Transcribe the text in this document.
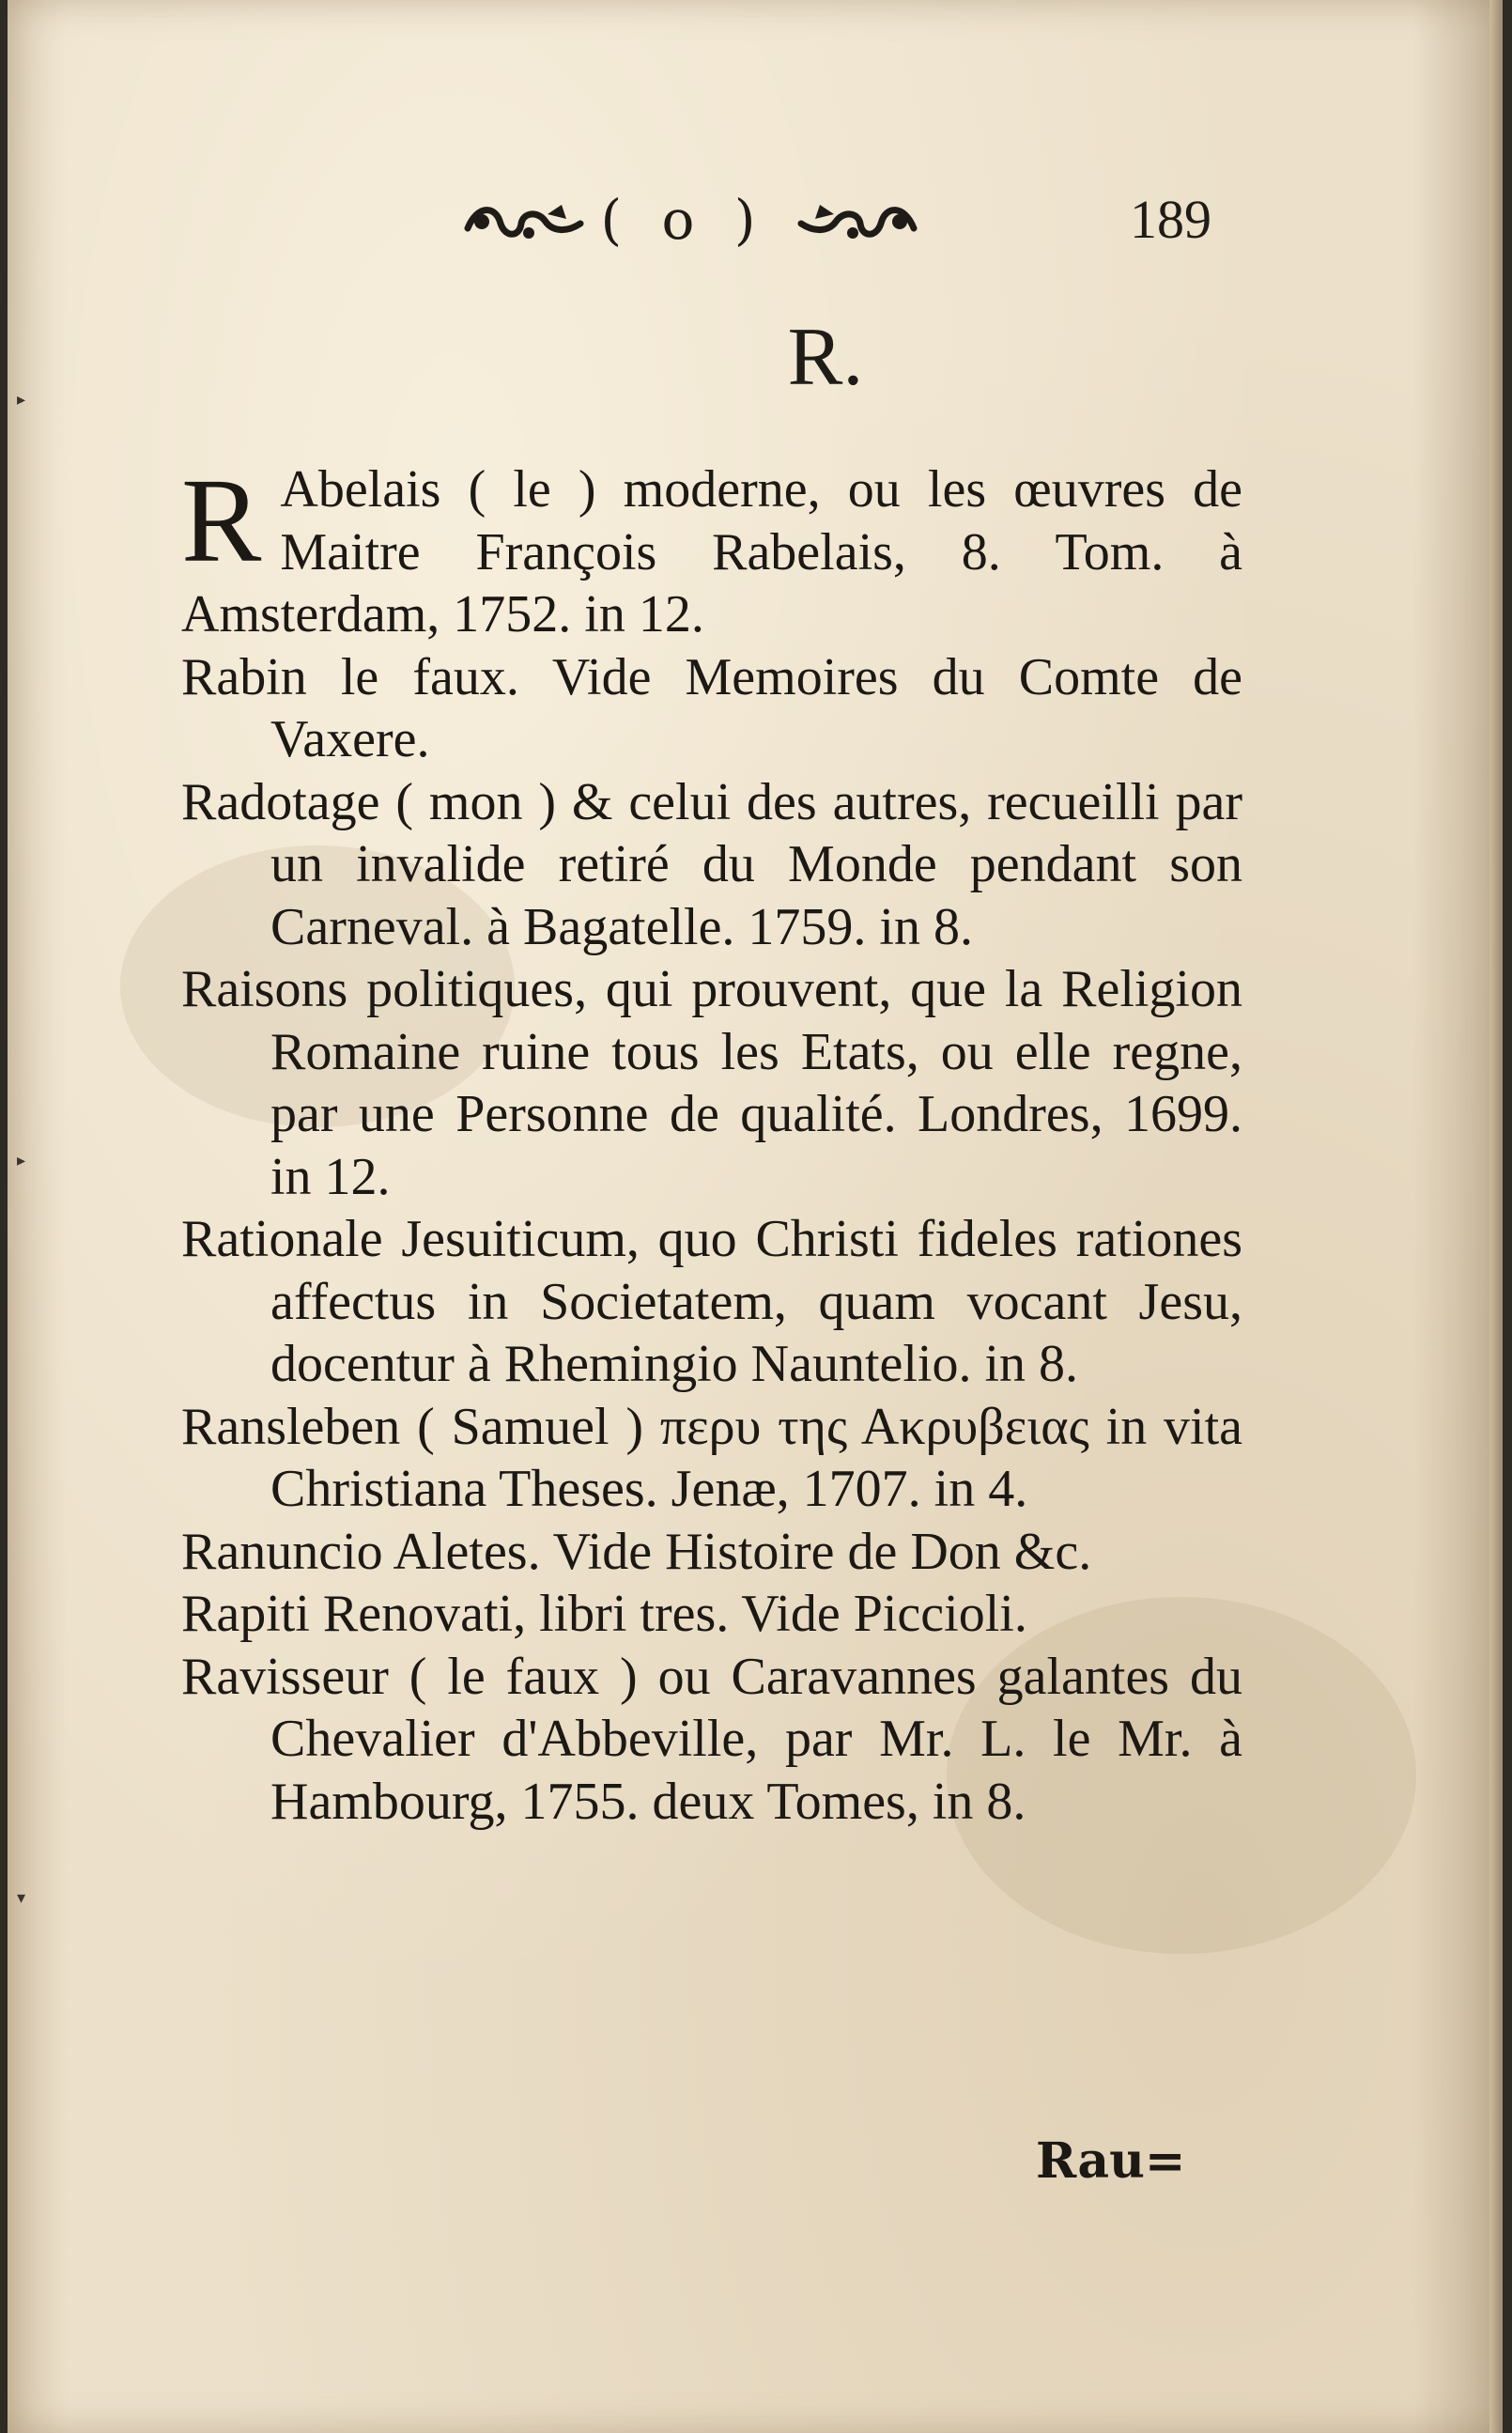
▸
▸
▾
( o )	189
R.

R Abelais ( le ) moderne, ou les œuvres de Maitre François Rabelais, 8. Tom. à Amsterdam, 1752. in 12.

Rabin le faux. Vide Memoires du Comte de Vaxere.

Radotage ( mon ) & celui des autres, recueilli par un invalide retiré du Monde pendant son Carneval. à Bagatelle. 1759. in 8.

Raisons politiques, qui prouvent, que la Religion Romaine ruine tous les Etats, ou elle regne, par une Personne de qualité. Londres, 1699. in 12.

Rationale Jesuiticum, quo Christi fideles rationes affectus in Societatem, quam vocant Jesu, docentur à Rhemingio Nauntelio. in 8.

Ransleben ( Samuel ) περυ της Ακρυβειας in vita Christiana Theses. Jenæ, 1707. in 4.

Ranuncio Aletes. Vide Histoire de Don &c.

Rapiti Renovati, libri tres. Vide Piccioli.

Ravisseur ( le faux ) ou Caravannes galantes du Chevalier d'Abbeville, par Mr. L. le Mr. à Hambourg, 1755. deux Tomes, in 8.

Rau=
